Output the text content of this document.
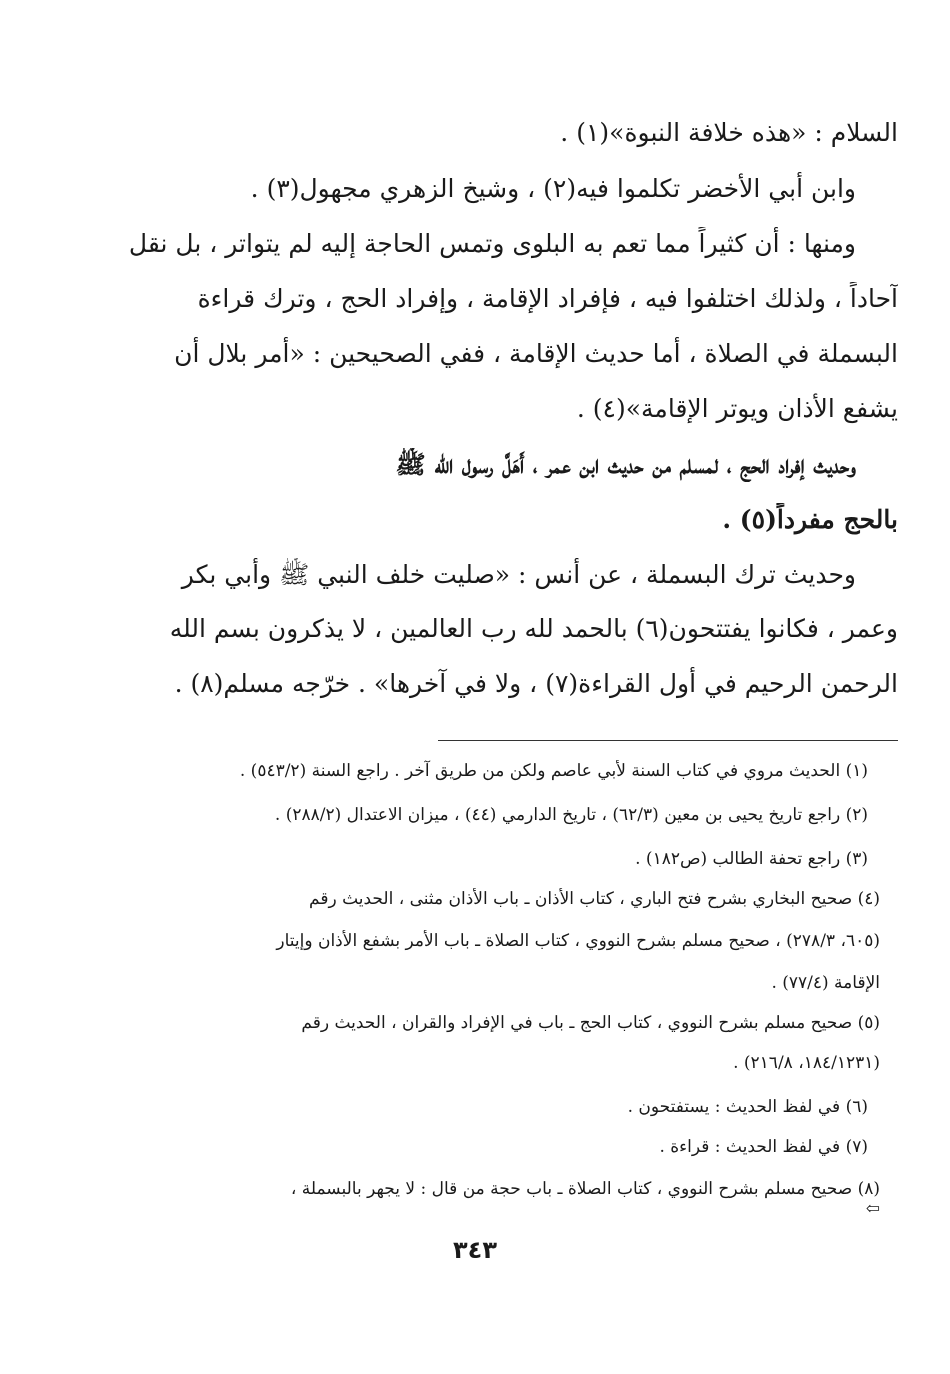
السلام : «هذه خلافة النبوة»(١) .

وابن أبي الأخضر تكلموا فيه(٢) ، وشيخ الزهري مجهول(٣) .

ومنها : أن كثيراً مما تعم به البلوى وتمس الحاجة إليه لم يتواتر ، بل نقل

آحاداً ، ولذلك اختلفوا فيه ، فإفراد الإقامة ، وإفراد الحج ، وترك قراءة

البسملة في الصلاة ، أما حديث الإقامة ، ففي الصحيحين : «أمر بلال أن

يشفع الأذان ويوتر الإقامة»(٤) .

وحديث إفراد الحج ، لمسلم من حديث ابن عمر ، أَهَلَّ رسول الله ﷺ

بالحج مفرداً(٥) .

وحديث ترك البسملة ، عن أنس : «صليت خلف النبي ﷺ وأبي بكر

وعمر ، فكانوا يفتتحون(٦) بالحمد لله رب العالمين ، لا يذكرون بسم الله

الرحمن الرحيم في أول القراءة(٧) ، ولا في آخرها» . خرّجه مسلم(٨) .

(١) الحديث مروي في كتاب السنة لأبي عاصم ولكن من طريق آخر . راجع السنة (٥٤٣/٢) .
(٢) راجع تاريخ يحيى بن معين (٦٢/٣) ، تاريخ الدارمي (٤٤) ، ميزان الاعتدال (٢٨٨/٢) .
(٣) راجع تحفة الطالب (ص١٨٢) .
(٤) صحيح البخاري بشرح فتح الباري ، كتاب الأذان ـ باب الأذان مثنى ، الحديث رقم
(٦٠٥، ٢٧٨/٣) ، صحيح مسلم بشرح النووي ، كتاب الصلاة ـ باب الأمر بشفع الأذان وإيتار
الإقامة (٧٧/٤) .
(٥) صحيح مسلم بشرح النووي ، كتاب الحج ـ باب في الإفراد والقران ، الحديث رقم
(١٨٤/١٢٣١، ٢١٦/٨) .
(٦) في لفظ الحديث : يستفتحون .
(٧) في لفظ الحديث : قراءة .
(٨) صحيح مسلم بشرح النووي ، كتاب الصلاة ـ باب حجة من قال : لا يجهر بالبسملة ،
⇦
٣٤٣
